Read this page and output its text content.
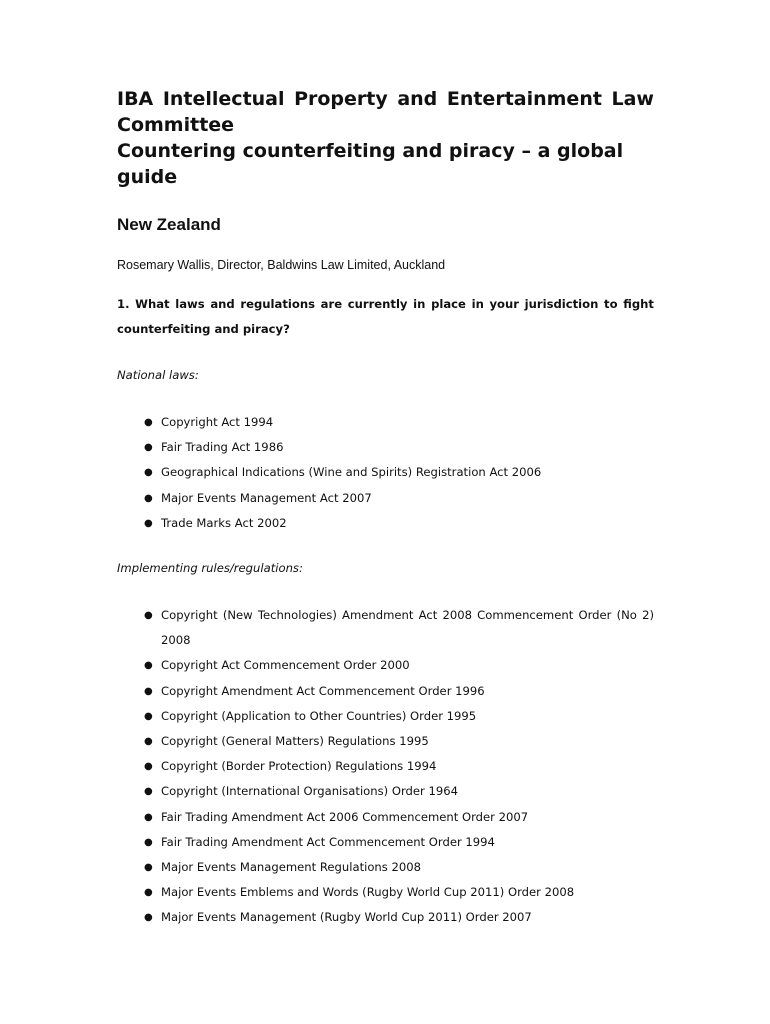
IBA Intellectual Property and Entertainment Law
Committee
Countering counterfeiting and piracy – a global guide
New Zealand
Rosemary Wallis, Director, Baldwins Law Limited, Auckland
1. What laws and regulations are currently in place in your jurisdiction to fight
counterfeiting and piracy?
National laws:
● Copyright Act 1994
● Fair Trading Act 1986
● Geographical Indications (Wine and Spirits) Registration Act 2006
● Major Events Management Act 2007
● Trade Marks Act 2002
Implementing rules/regulations:
● Copyright (New Technologies) Amendment Act 2008 Commencement Order (No 2)
2008
● Copyright Act Commencement Order 2000
● Copyright Amendment Act Commencement Order 1996
● Copyright (Application to Other Countries) Order 1995
● Copyright (General Matters) Regulations 1995
● Copyright (Border Protection) Regulations 1994
● Copyright (International Organisations) Order 1964
● Fair Trading Amendment Act 2006 Commencement Order 2007
● Fair Trading Amendment Act Commencement Order 1994
● Major Events Management Regulations 2008
● Major Events Emblems and Words (Rugby World Cup 2011) Order 2008
● Major Events Management (Rugby World Cup 2011) Order 2007
